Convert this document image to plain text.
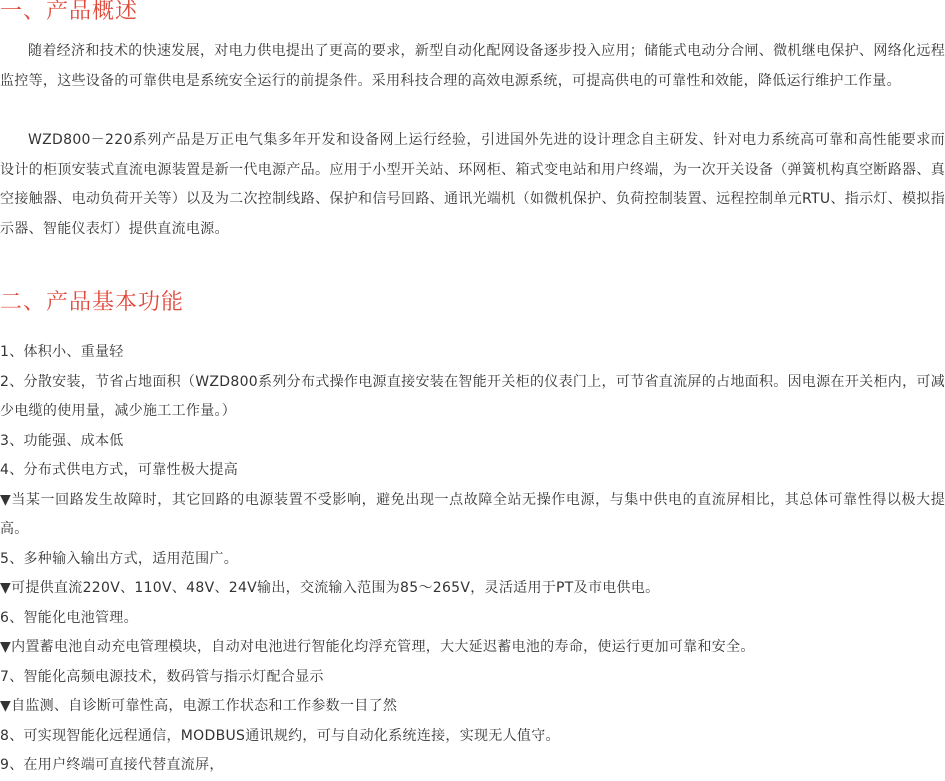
一、产品概述

随着经济和技术的快速发展，对电力供电提出了更高的要求，新型自动化配网设备逐步投入应用；储能式电动分合闸、微机继电保护、网络化远程监控等，这些设备的可靠供电是系统安全运行的前提条件。采用科技合理的高效电源系统，可提高供电的可靠性和效能，降低运行维护工作量。

WZD800－220系列产品是万正电气集多年开发和设备网上运行经验，引进国外先进的设计理念自主研发、针对电力系统高可靠和高性能要求而设计的柜顶安装式直流电源装置是新一代电源产品。应用于小型开关站、环网柜、箱式变电站和用户终端，为一次开关设备（弹簧机构真空断路器、真空接触器、电动负荷开关等）以及为二次控制线路、保护和信号回路、通讯光端机（如微机保护、负荷控制装置、远程控制单元RTU、指示灯、模拟指示器、智能仪表灯）提供直流电源。

二、产品基本功能
1、体积小、重量轻
2、分散安装，节省占地面积（WZD800系列分布式操作电源直接安装在智能开关柜的仪表门上，可节省直流屏的占地面积。因电源在开关柜内，可减少电缆的使用量，减少施工工作量。）
3、功能强、成本低
4、分布式供电方式，可靠性极大提高
▼当某一回路发生故障时，其它回路的电源装置不受影响，避免出现一点故障全站无操作电源，与集中供电的直流屏相比，其总体可靠性得以极大提高。
5、多种输入输出方式，适用范围广。
▼可提供直流220V、110V、48V、24V输出，交流输入范围为85～265V，灵活适用于PT及市电供电。
6、智能化电池管理。
▼内置蓄电池自动充电管理模块，自动对电池进行智能化均浮充管理，大大延迟蓄电池的寿命，使运行更加可靠和安全。
7、智能化高频电源技术，数码管与指示灯配合显示
▼自监测、自诊断可靠性高，电源工作状态和工作参数一目了然
8、可实现智能化远程通信，MODBUS通讯规约，可与自动化系统连接，实现无人值守。
9、在用户终端可直接代替直流屏，
